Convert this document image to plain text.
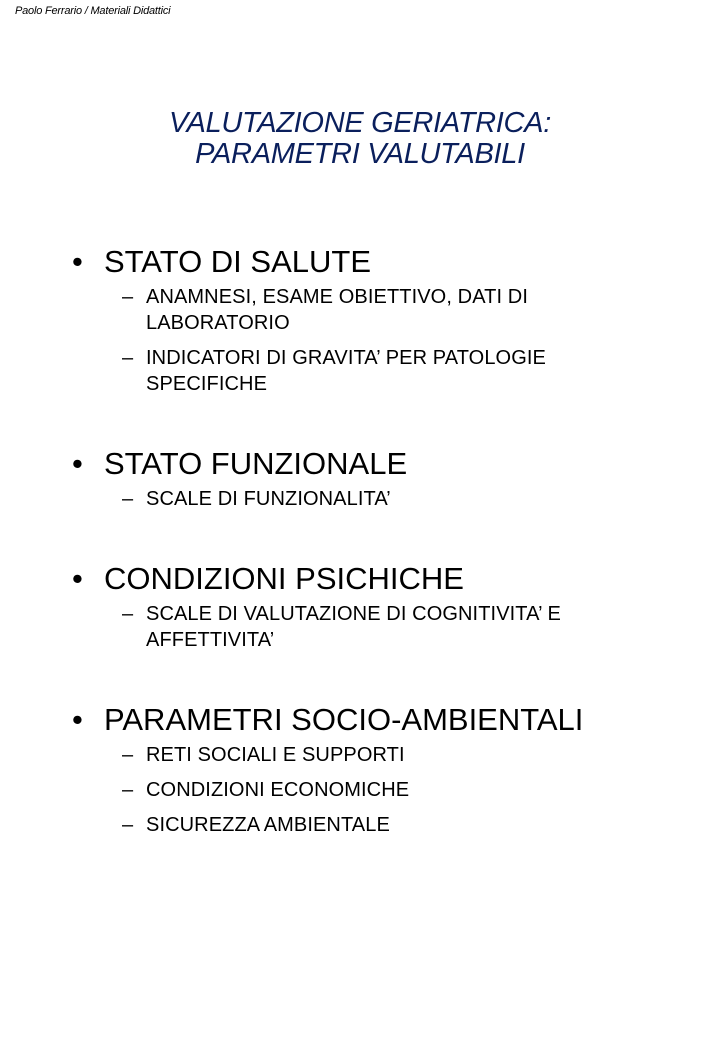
Paolo Ferrario / Materiali Didattici
VALUTAZIONE GERIATRICA:
PARAMETRI VALUTABILI
• STATO DI SALUTE
– ANAMNESI, ESAME OBIETTIVO, DATI DI LABORATORIO
– INDICATORI DI GRAVITA’ PER PATOLOGIE SPECIFICHE
• STATO FUNZIONALE
– SCALE DI FUNZIONALITA’
• CONDIZIONI PSICHICHE
– SCALE DI VALUTAZIONE DI COGNITIVITA’ E AFFETTIVITA’
• PARAMETRI SOCIO-AMBIENTALI
– RETI SOCIALI E SUPPORTI
– CONDIZIONI ECONOMICHE
– SICUREZZA AMBIENTALE
